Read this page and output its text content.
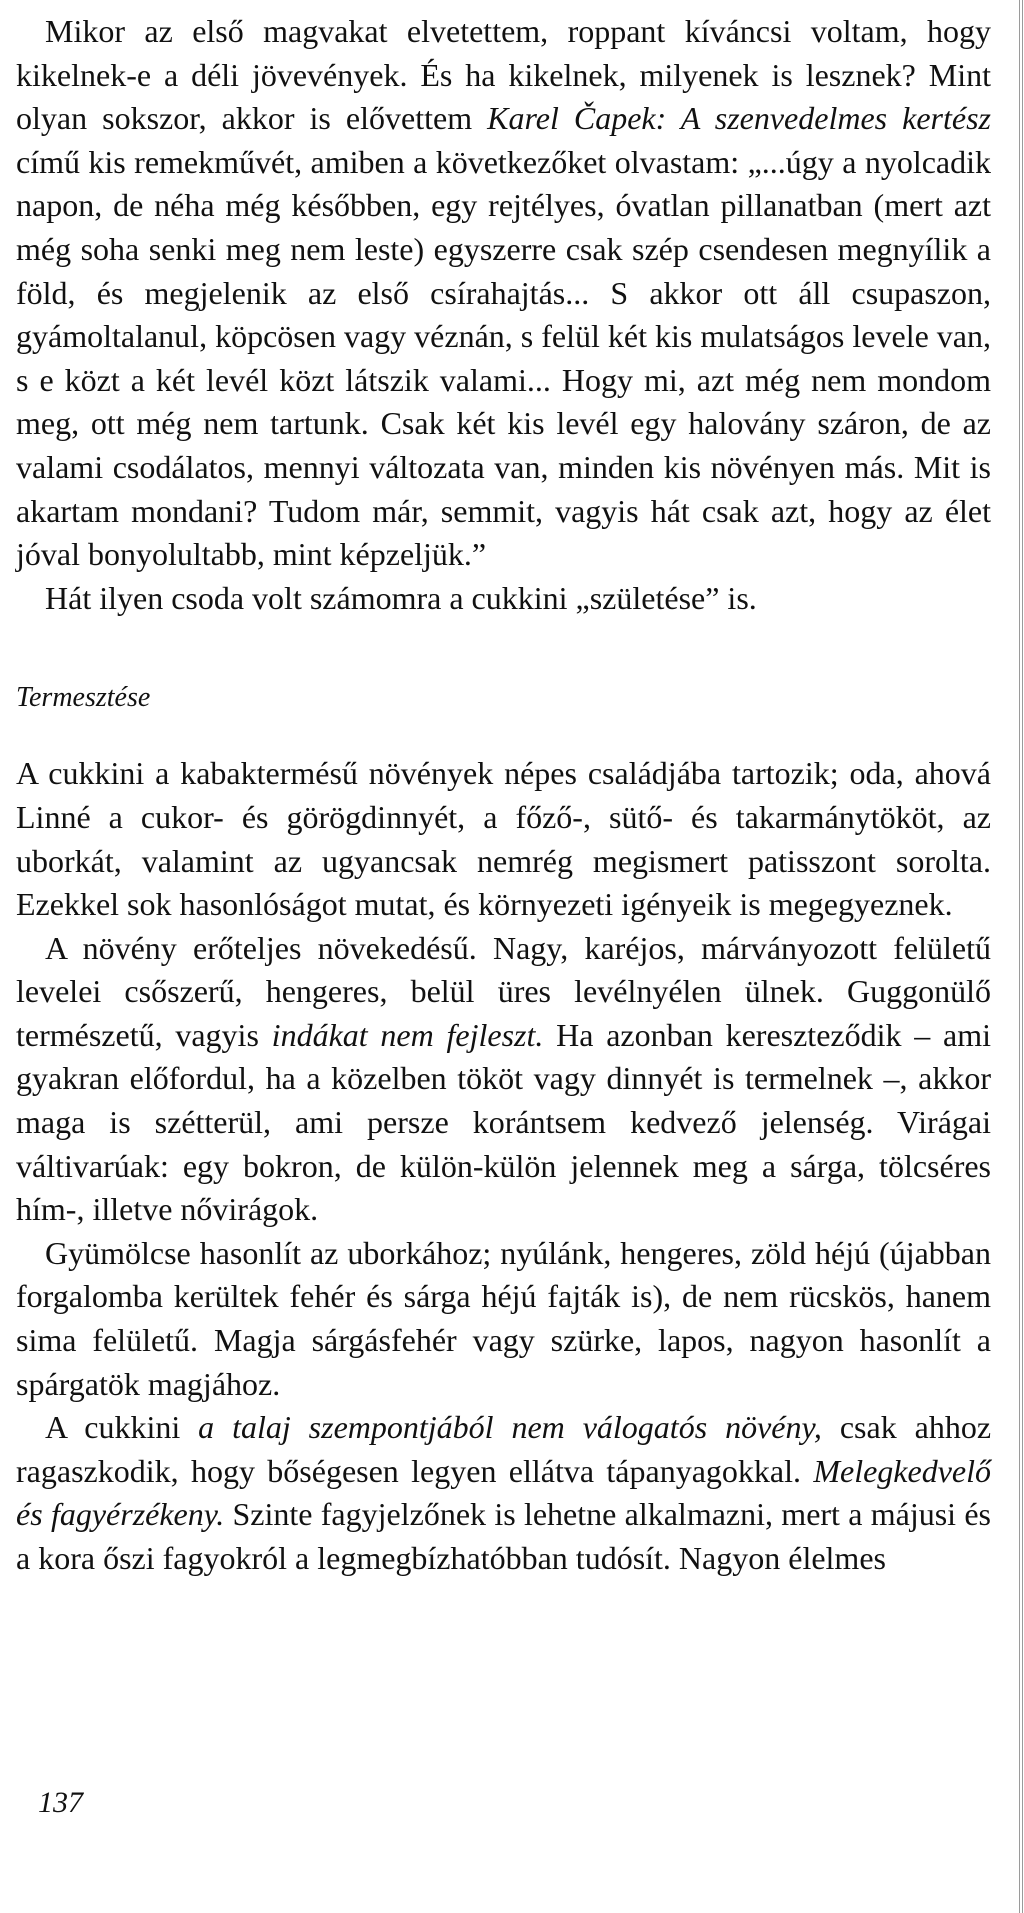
Mikor az első magvakat elvetettem, roppant kíváncsi voltam, hogy kikelnek-e a déli jövevények. És ha kikelnek, milyenek is lesznek? Mint olyan sokszor, akkor is elővettem Karel Čapek: A szenvedelmes kertész című kis remekművét, amiben a következőket olvastam: „...úgy a nyolcadik napon, de néha még későbben, egy rejtélyes, óvatlan pillanatban (mert azt még soha senki meg nem leste) egyszerre csak szép csendesen megnyílik a föld, és megjelenik az első csírahajtás... S akkor ott áll csupaszon, gyámoltalanul, köpcösen vagy véznán, s felül két kis mulatságos levele van, s e közt a két levél közt látszik valami... Hogy mi, azt még nem mondom meg, ott még nem tartunk. Csak két kis levél egy halovány száron, de az valami csodálatos, mennyi változata van, minden kis növényen más. Mit is akartam mondani? Tudom már, semmit, vagyis hát csak azt, hogy az élet jóval bonyolultabb, mint képzeljük.”

Hát ilyen csoda volt számomra a cukkini „születése” is.

Termesztése

A cukkini a kabaktermésű növények népes családjába tartozik; oda, ahová Linné a cukor- és görögdinnyét, a főző-, sütő- és takarmánytököt, az uborkát, valamint az ugyancsak nemrég megismert patisszont sorolta. Ezekkel sok hasonlóságot mutat, és környezeti igényeik is megegyeznek.

A növény erőteljes növekedésű. Nagy, karéjos, márványozott felületű levelei csőszerű, hengeres, belül üres levélnyélen ülnek. Guggonülő természetű, vagyis indákat nem fejleszt. Ha azonban kereszteződik – ami gyakran előfordul, ha a közelben tököt vagy dinnyét is termelnek –, akkor maga is szétterül, ami persze korántsem kedvező jelenség. Virágai váltivarúak: egy bokron, de külön-külön jelennek meg a sárga, tölcséres hím-, illetve nővirágok.

Gyümölcse hasonlít az uborkához; nyúlánk, hengeres, zöld héjú (újabban forgalomba kerültek fehér és sárga héjú fajták is), de nem rücskös, hanem sima felületű. Magja sárgásfehér vagy szürke, lapos, nagyon hasonlít a spárgatök magjához.

A cukkini a talaj szempontjából nem válogatós növény, csak ahhoz ragaszkodik, hogy bőségesen legyen ellátva tápanyagokkal. Melegkedvelő és fagyérzékeny. Szinte fagyjelzőnek is lehetne alkalmazni, mert a májusi és a kora őszi fagyokról a legmegbízhatóbban tudósít. Nagyon élelmes

137
